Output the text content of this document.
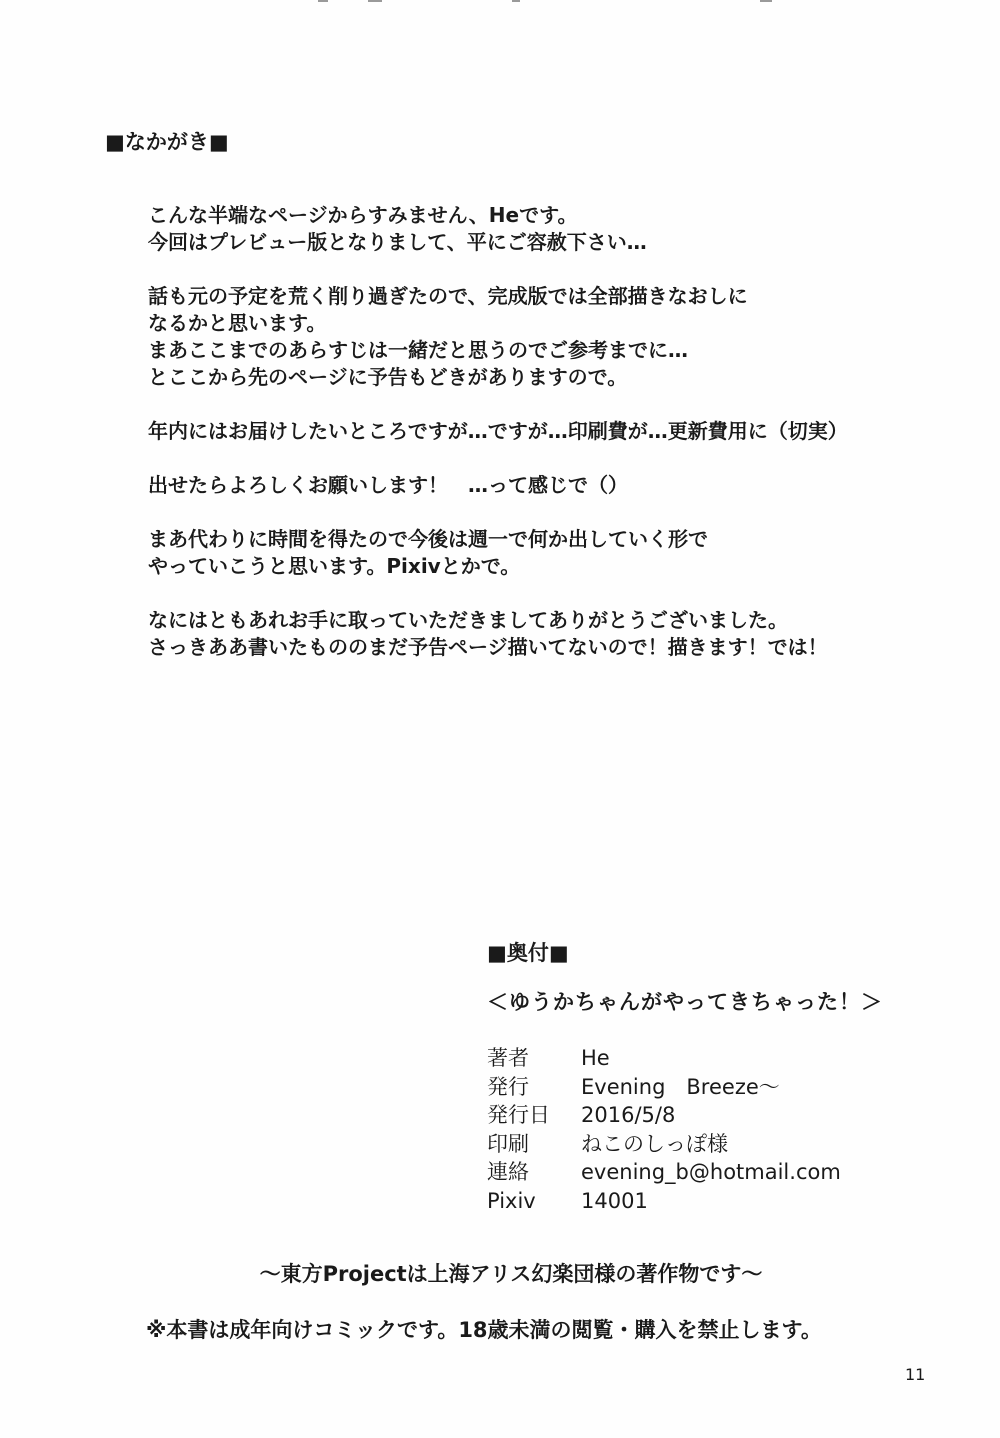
■なかがき■
こんな半端なページからすみません、Heです。
今回はプレビュー版となりまして、平にご容赦下さい…
話も元の予定を荒く削り過ぎたので、完成版では全部描きなおしに
なるかと思います。
まあここまでのあらすじは一緒だと思うのでご参考までに…
とここから先のページに予告もどきがありますので。
年内にはお届けしたいところですが…ですが…印刷費が…更新費用に（切実）
出せたらよろしくお願いします！　…って感じで（）
まあ代わりに時間を得たので今後は週一で何か出していく形で
やっていこうと思います。Pixivとかで。
なにはともあれお手に取っていただきましてありがとうございました。
さっきああ書いたもののまだ予告ページ描いてないので！描きます！では！
■奥付■
＜ゆうかちゃんがやってきちゃった！＞
著者	He
発行	Evening　Breeze〜
発行日	2016/5/8
印刷	ねこのしっぽ様
連絡	evening_b@hotmail.com
Pixiv	14001
〜東方Projectは上海アリス幻楽団様の著作物です〜
※本書は成年向けコミックです。18歳未満の閲覧・購入を禁止します。
11
